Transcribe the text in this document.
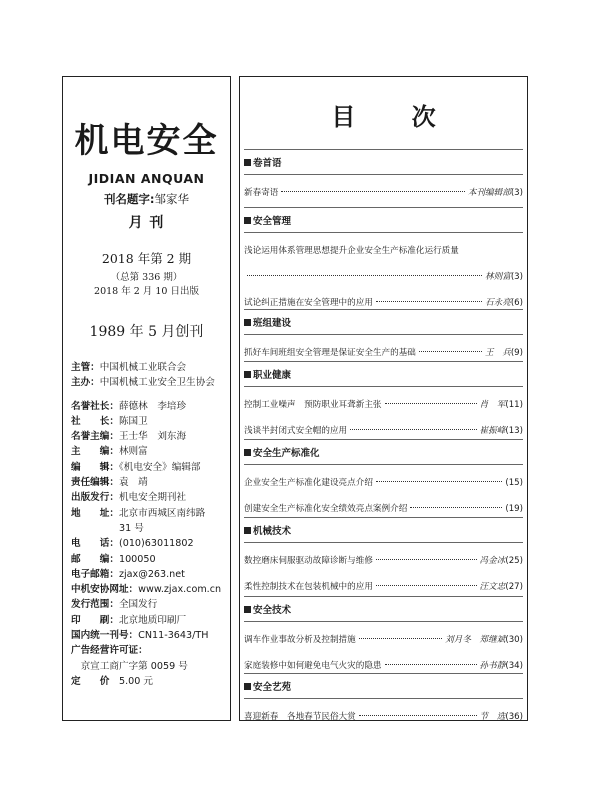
机电安全
JIDIAN ANQUAN
刊名题字:邹家华
月 刊
2018 年第 2 期
（总第 336 期）
2018 年 2 月 10 日出版
1989 年 5 月创刊
主管：中国机械工业联合会
主办：中国机械工业安全卫生协会
名誉社长：薛德林　李培珍
社　　长：陈国卫
名誉主编：王士华　刘东海
主　　编：林则富
编　　辑：《机电安全》编辑部
责任编辑：袁　靖
出版发行：机电安全期刊社
地　　址：北京市西城区南纬路
　　　　　31 号
电　　话：(010)63011802
邮　　编：100050
电子邮箱：zjax@263.net
中机安协网址：www.zjax.com.cn
发行范围：全国发行
印　　刷：北京地质印刷厂
国内统一刊号：CN11-3643/TH
广告经营许可证：
　京宣工商广字第 0059 号
定　　价　5.00 元
目 次
卷首语
新春寄语	本刊编辑部 (3)
安全管理
浅论运用体系管理思想提升企业安全生产标准化运行质量
林则富 (3)
试论纠正措施在安全管理中的应用	石永亮 (6)
班组建设
抓好车间班组安全管理是保证安全生产的基础	王　兵 (9)
职业健康
控制工业噪声　预防职业耳聋新主张	肖　军 (11)
浅谈半封闭式安全帽的应用	崔振峰 (13)
安全生产标准化
企业安全生产标准化建设亮点介绍	(15)
创建安全生产标准化安全绩效亮点案例介绍	(19)
机械技术
数控磨床伺服驱动故障诊断与维修	冯金冰 (25)
柔性控制技术在包装机械中的应用	汪文忠 (27)
安全技术
调车作业事故分析及控制措施	刘月冬　郑继斌 (30)
家庭装修中如何避免电气火灾的隐患	孙书静 (34)
安全艺苑
喜迎新春　各地春节民俗大赏	节　选 (36)
